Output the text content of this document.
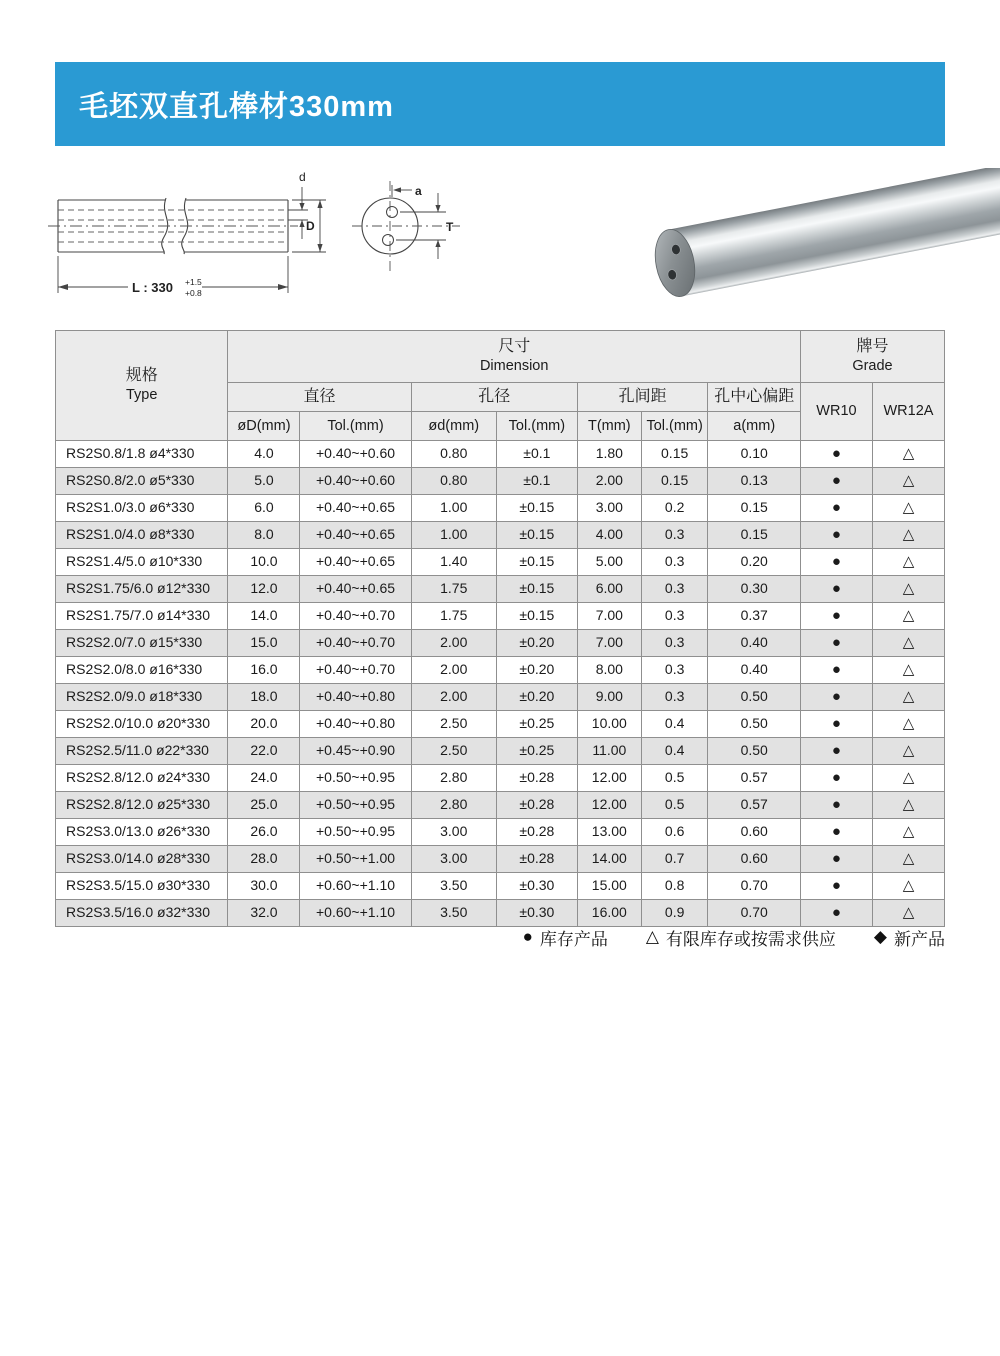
毛坯双直孔棒材330mm
d
D
a
T
L : 330 +1.5
+0.8
规格
Type

尺寸
Dimension

牌号
Grade

	直径		孔径		孔间距		孔中心偏距	WR10	WR12A
	øD(mm)	Tol.(mm)	ød(mm)	Tol.(mm)	T(mm)	Tol.(mm)	a(mm)		
RS2S0.8/1.8 ø4*330	4.0	+0.40~+0.60	0.80	±0.1	1.80	0.15	0.10	●	△
RS2S0.8/2.0 ø5*330	5.0	+0.40~+0.60	0.80	±0.1	2.00	0.15	0.13	●	△
RS2S1.0/3.0 ø6*330	6.0	+0.40~+0.65	1.00	±0.15	3.00	0.2	0.15	●	△
RS2S1.0/4.0 ø8*330	8.0	+0.40~+0.65	1.00	±0.15	4.00	0.3	0.15	●	△
RS2S1.4/5.0 ø10*330	10.0	+0.40~+0.65	1.40	±0.15	5.00	0.3	0.20	●	△
RS2S1.75/6.0 ø12*330	12.0	+0.40~+0.65	1.75	±0.15	6.00	0.3	0.30	●	△
RS2S1.75/7.0 ø14*330	14.0	+0.40~+0.70	1.75	±0.15	7.00	0.3	0.37	●	△
RS2S2.0/7.0 ø15*330	15.0	+0.40~+0.70	2.00	±0.20	7.00	0.3	0.40	●	△
RS2S2.0/8.0 ø16*330	16.0	+0.40~+0.70	2.00	±0.20	8.00	0.3	0.40	●	△
RS2S2.0/9.0 ø18*330	18.0	+0.40~+0.80	2.00	±0.20	9.00	0.3	0.50	●	△
RS2S2.0/10.0 ø20*330	20.0	+0.40~+0.80	2.50	±0.25	10.00	0.4	0.50	●	△
RS2S2.5/11.0 ø22*330	22.0	+0.45~+0.90	2.50	±0.25	11.00	0.4	0.50	●	△
RS2S2.8/12.0 ø24*330	24.0	+0.50~+0.95	2.80	±0.28	12.00	0.5	0.57	●	△
RS2S2.8/12.0 ø25*330	25.0	+0.50~+0.95	2.80	±0.28	12.00	0.5	0.57	●	△
RS2S3.0/13.0 ø26*330	26.0	+0.50~+0.95	3.00	±0.28	13.00	0.6	0.60	●	△
RS2S3.0/14.0 ø28*330	28.0	+0.50~+1.00	3.00	±0.28	14.00	0.7	0.60	●	△
RS2S3.5/15.0 ø30*330	30.0	+0.60~+1.10	3.50	±0.30	15.00	0.8	0.70	●	△
RS2S3.5/16.0 ø32*330	32.0	+0.60~+1.10	3.50	±0.30	16.00	0.9	0.70	●	△
● 库存产品 △ 有限库存或按需求供应 ◆ 新产品
